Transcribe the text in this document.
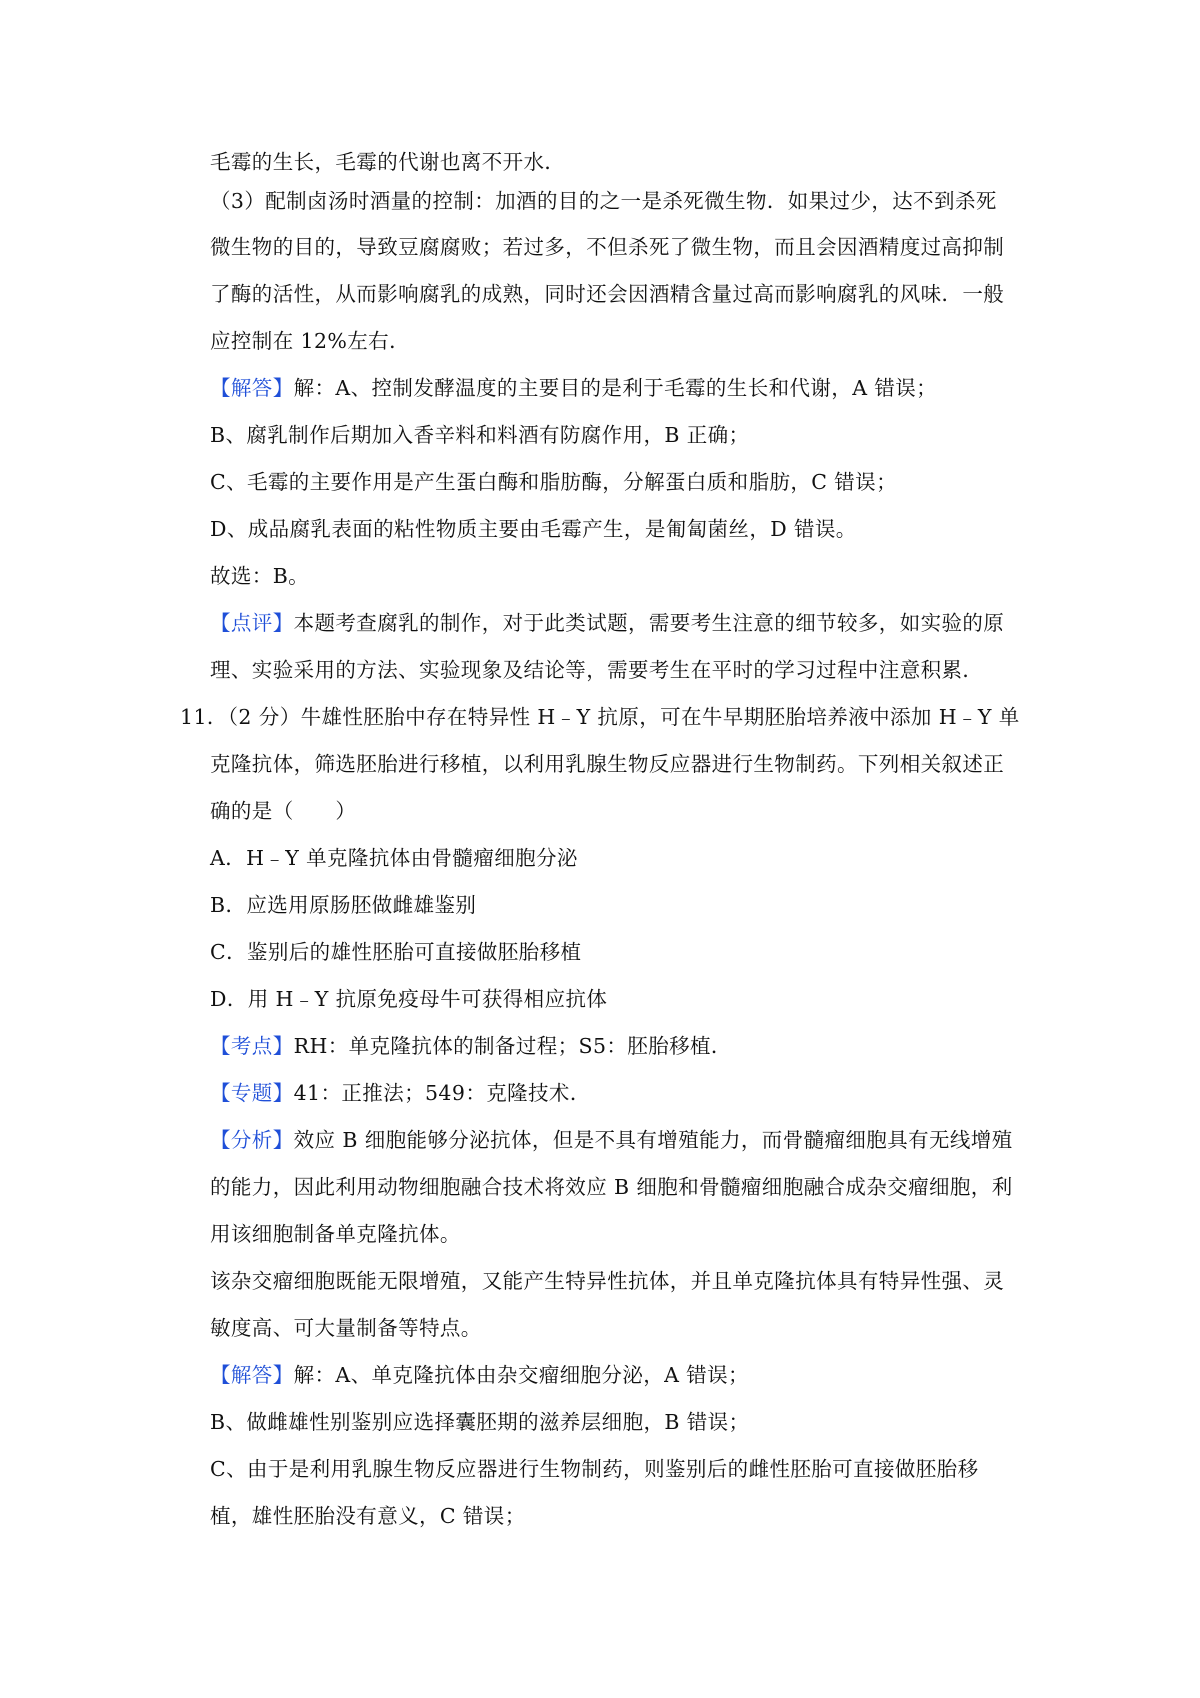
毛霉的生长，毛霉的代谢也离不开水．
（3）配制卤汤时酒量的控制：加酒的目的之一是杀死微生物．如果过少，达不到杀死
微生物的目的，导致豆腐腐败；若过多，不但杀死了微生物，而且会因酒精度过高抑制
了酶的活性，从而影响腐乳的成熟，同时还会因酒精含量过高而影响腐乳的风味．一般
应控制在 12%左右．
【解答】解：A、控制发酵温度的主要目的是利于毛霉的生长和代谢，A 错误；
B、腐乳制作后期加入香辛料和料酒有防腐作用，B 正确；
C、毛霉的主要作用是产生蛋白酶和脂肪酶，分解蛋白质和脂肪，C 错误；
D、成品腐乳表面的粘性物质主要由毛霉产生，是匍匐菌丝，D 错误。
故选：B。
【点评】本题考查腐乳的制作，对于此类试题，需要考生注意的细节较多，如实验的原
理、实验采用的方法、实验现象及结论等，需要考生在平时的学习过程中注意积累．
11．（2 分）牛雄性胚胎中存在特异性 H﹣Y 抗原，可在牛早期胚胎培养液中添加 H﹣Y 单
克隆抗体，筛选胚胎进行移植，以利用乳腺生物反应器进行生物制药。下列相关叙述正
确的是（　　）
A．H﹣Y 单克隆抗体由骨髓瘤细胞分泌
B．应选用原肠胚做雌雄鉴别
C．鉴别后的雄性胚胎可直接做胚胎移植
D．用 H﹣Y 抗原免疫母牛可获得相应抗体
【考点】RH：单克隆抗体的制备过程；S5：胚胎移植．
【专题】41：正推法；549：克隆技术．
【分析】效应 B 细胞能够分泌抗体，但是不具有增殖能力，而骨髓瘤细胞具有无线增殖
的能力，因此利用动物细胞融合技术将效应 B 细胞和骨髓瘤细胞融合成杂交瘤细胞，利
用该细胞制备单克隆抗体。
该杂交瘤细胞既能无限增殖，又能产生特异性抗体，并且单克隆抗体具有特异性强、灵
敏度高、可大量制备等特点。
【解答】解：A、单克隆抗体由杂交瘤细胞分泌，A 错误；
B、做雌雄性别鉴别应选择囊胚期的滋养层细胞，B 错误；
C、由于是利用乳腺生物反应器进行生物制药，则鉴别后的雌性胚胎可直接做胚胎移
植，雄性胚胎没有意义，C 错误；
